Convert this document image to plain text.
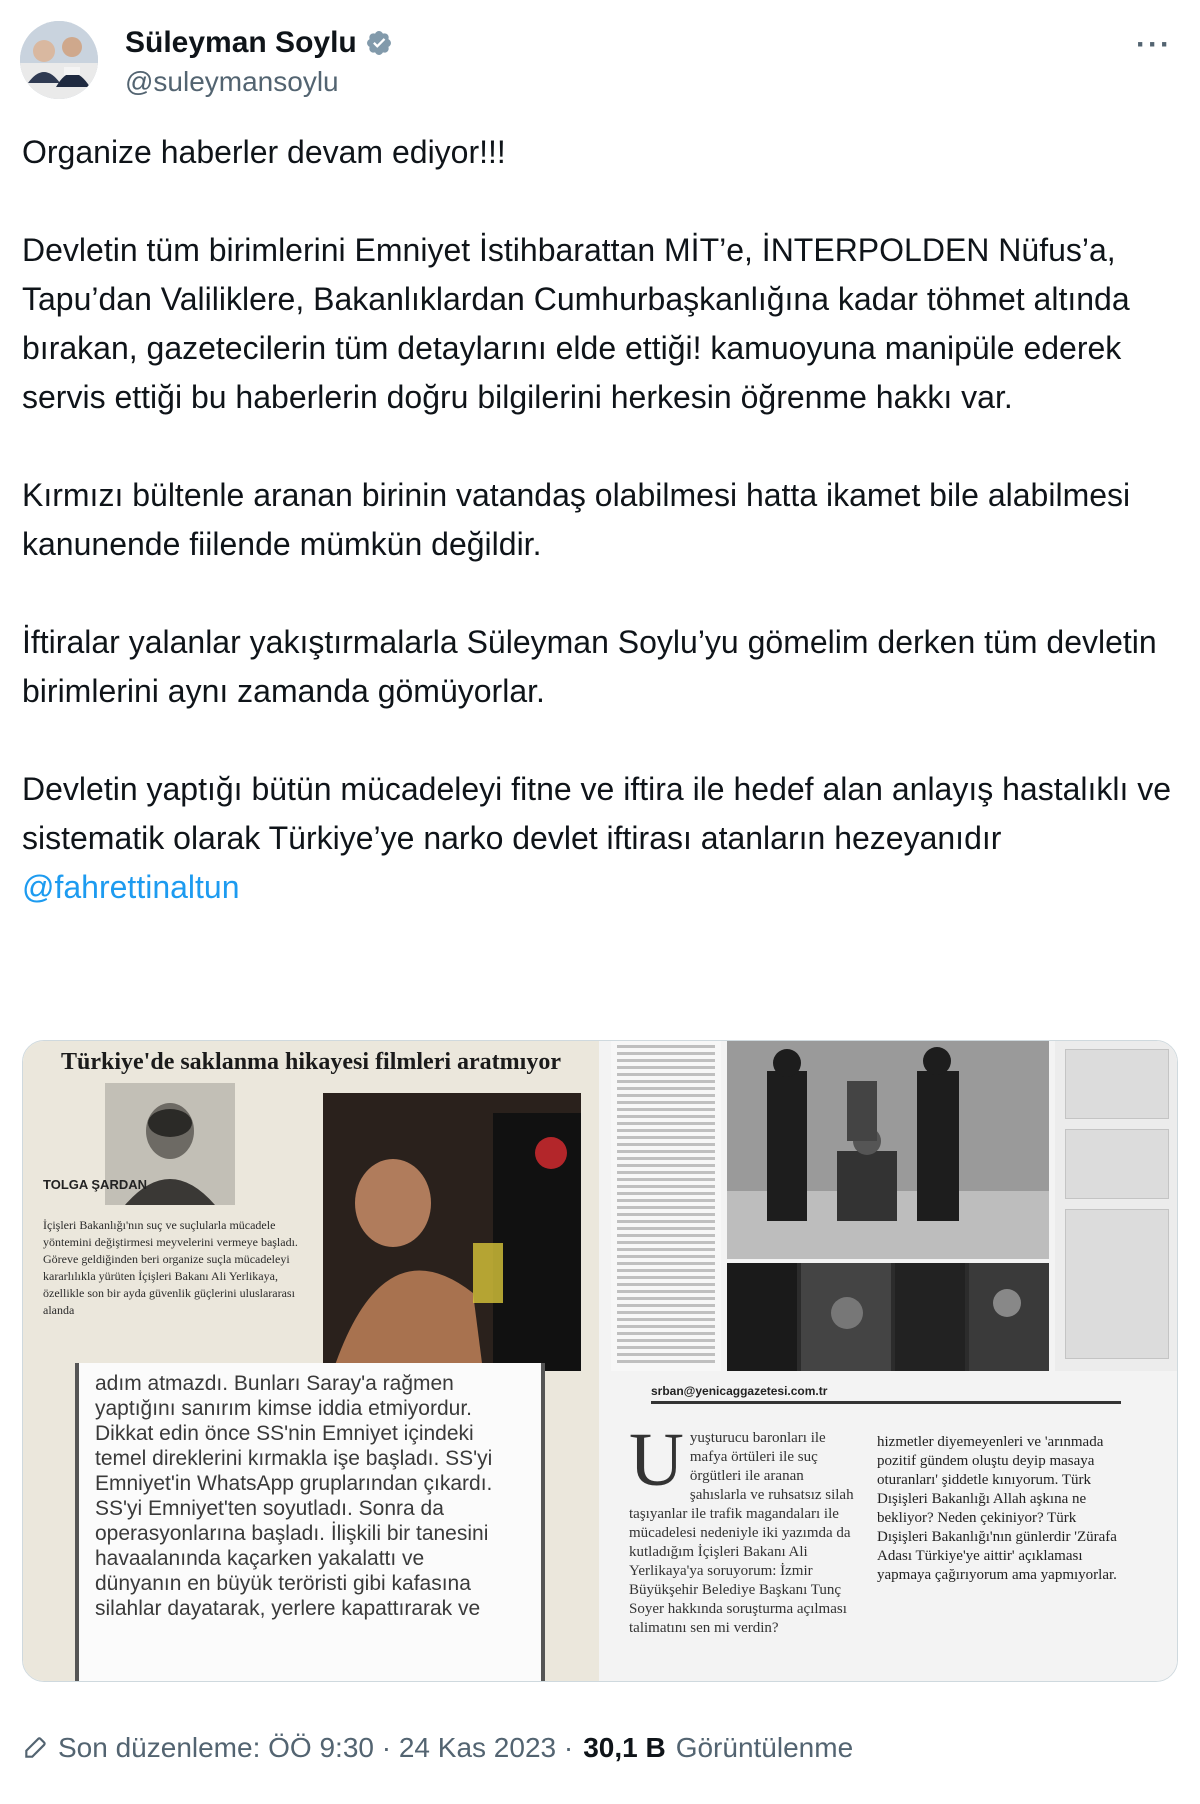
Süleyman Soylu
@suleymansoylu
···

Organize haberler devam ediyor!!!

Devletin tüm birimlerini Emniyet İstihbarattan MİT’e, İNTERPOLDEN Nüfus’a, Tapu’dan Valiliklere, Bakanlıklardan Cumhurbaşkanlığına kadar töhmet altında bırakan, gazetecilerin tüm detaylarını elde ettiği! kamuoyuna manipüle ederek servis ettiği bu haberlerin doğru bilgilerini herkesin öğrenme hakkı var.

Kırmızı bültenle aranan birinin vatandaş olabilmesi hatta ikamet bile alabilmesi kanunende fiilende mümkün değildir.

İftiralar yalanlar yakıştırmalarla Süleyman Soylu’yu gömelim derken tüm devletin birimlerini aynı zamanda gömüyorlar.

Devletin yaptığı bütün mücadeleyi fitne ve iftira ile hedef alan anlayış hastalıklı ve sistematik olarak Türkiye’ye narko devlet iftirası atanların hezeyanıdır

@fahrettinaltun
Türkiye'de saklanma hikayesi filmleri aratmıyor
TOLGA ŞARDAN
İçişleri Bakanlığı'nın suç ve suçlularla mücadele yöntemini değiştirmesi meyvelerini vermeye başladı. Göreve geldiğinden beri organize suçla mücadeleyi kararlılıkla yürüten İçişleri Bakanı Ali Yerlikaya, özellikle son bir ayda güvenlik güçlerini uluslararası alanda
adım atmazdı. Bunları Saray'a rağmen yaptığını sanırım kimse iddia etmiyordur. Dikkat edin önce SS'nin Emniyet içindeki temel direklerini kırmakla işe başladı. SS'yi Emniyet'in WhatsApp gruplarından çıkardı. SS'yi Emniyet'ten soyutladı. Sonra da operasyonlarına başladı. İlişkili bir tanesini havaalanında kaçarken yakalattı ve dünyanın en büyük teröristi gibi kafasına silahlar dayatarak, yerlere kapattırarak ve
srban@yenicaggazetesi.com.tr
U yuşturucu baronları ile mafya örtüleri ile suç örgütleri ile aranan şahıslarla ve ruhsatsız silah taşıyanlar ile trafik magandaları ile mücadelesi nedeniyle iki yazımda da kutladığım İçişleri Bakanı Ali Yerlikaya'ya soruyorum: İzmir Büyükşehir Belediye Başkanı Tunç Soyer hakkında soruşturma açılması talimatını sen mi verdin?
hizmetler diyemeyenleri ve 'arınmada pozitif gündem oluştu deyip masaya oturanları' şiddetle kınıyorum. Türk Dışişleri Bakanlığı Allah aşkına ne bekliyor? Neden çekiniyor? Türk Dışişleri Bakanlığı'nın günlerdir 'Zürafa Adası Türkiye'ye aittir' açıklaması yapmaya çağırıyorum ama yapmıyorlar.
Son düzenleme: ÖÖ 9:30 · 24 Kas 2023 · 30,1 B Görüntülenme
